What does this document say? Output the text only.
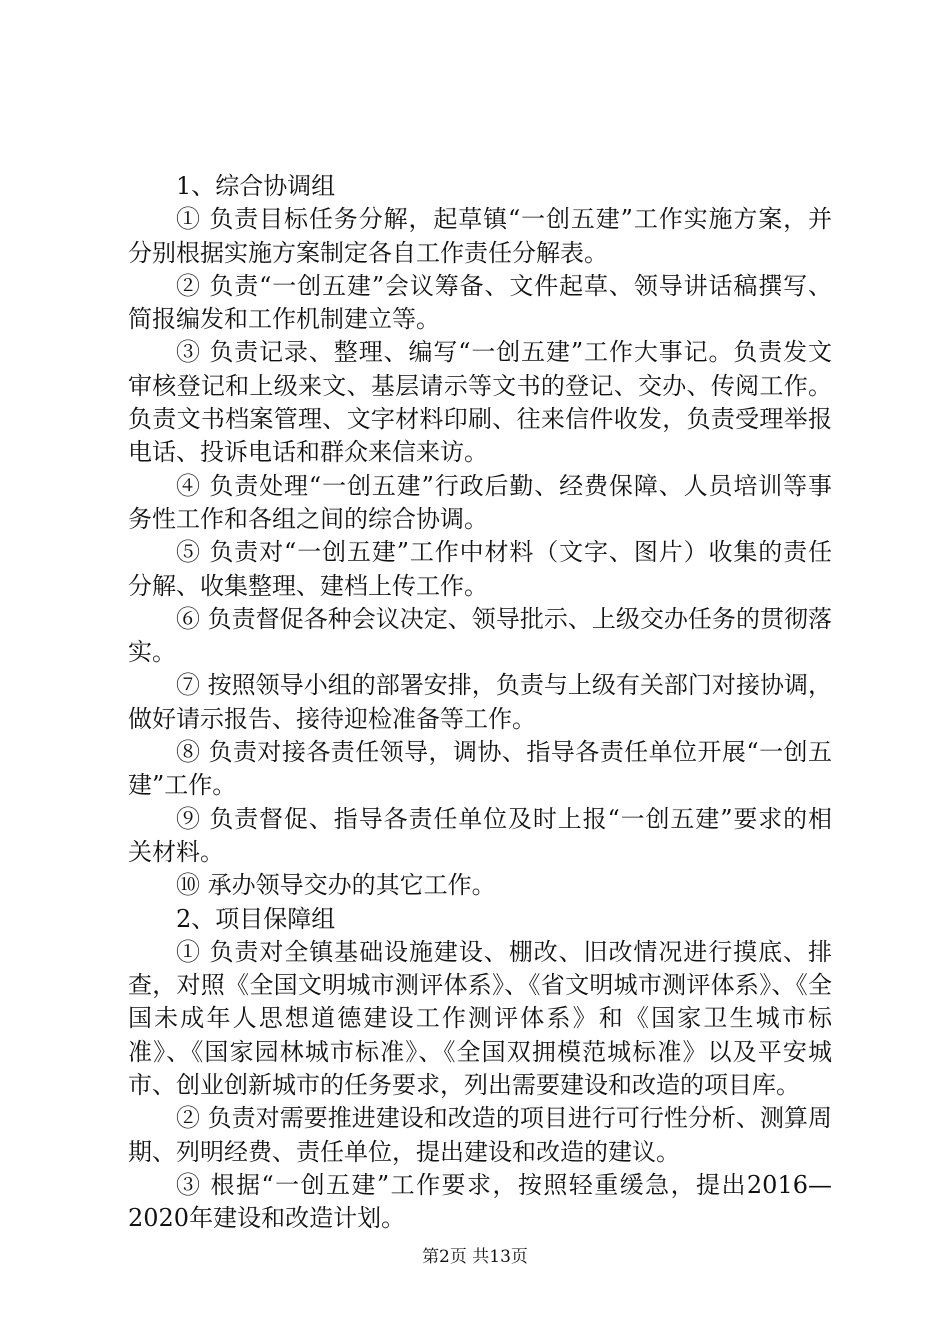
1、综合协调组

① 负责目标任务分解，起草镇“一创五建”工作实施方案，并分别根据实施方案制定各自工作责任分解表。

② 负责“一创五建”会议筹备、文件起草、领导讲话稿撰写、简报编发和工作机制建立等。

③ 负责记录、整理、编写“一创五建”工作大事记。负责发文审核登记和上级来文、基层请示等文书的登记、交办、传阅工作。负责文书档案管理、文字材料印刷、往来信件收发，负责受理举报电话、投诉电话和群众来信来访。

④ 负责处理“一创五建”行政后勤、经费保障、人员培训等事务性工作和各组之间的综合协调。

⑤ 负责对“一创五建”工作中材料（文字、图片）收集的责任分解、收集整理、建档上传工作。

⑥ 负责督促各种会议决定、领导批示、上级交办任务的贯彻落实。

⑦ 按照领导小组的部署安排，负责与上级有关部门对接协调，做好请示报告、接待迎检准备等工作。

⑧ 负责对接各责任领导，调协、指导各责任单位开展“一创五建”工作。

⑨ 负责督促、指导各责任单位及时上报“一创五建”要求的相关材料。

⑩ 承办领导交办的其它工作。

2、项目保障组

① 负责对全镇基础设施建设、棚改、旧改情况进行摸底、排查，对照《全国文明城市测评体系》、《省文明城市测评体系》、《全国未成年人思想道德建设工作测评体系》和《国家卫生城市标准》、《国家园林城市标准》、《全国双拥模范城标准》以及平安城市、创业创新城市的任务要求，列出需要建设和改造的项目库。

② 负责对需要推进建设和改造的项目进行可行性分析、测算周期、列明经费、责任单位，提出建设和改造的建议。

③ 根据“一创五建”工作要求，按照轻重缓急，提出2016—2020年建设和改造计划。

第2页 共13页
